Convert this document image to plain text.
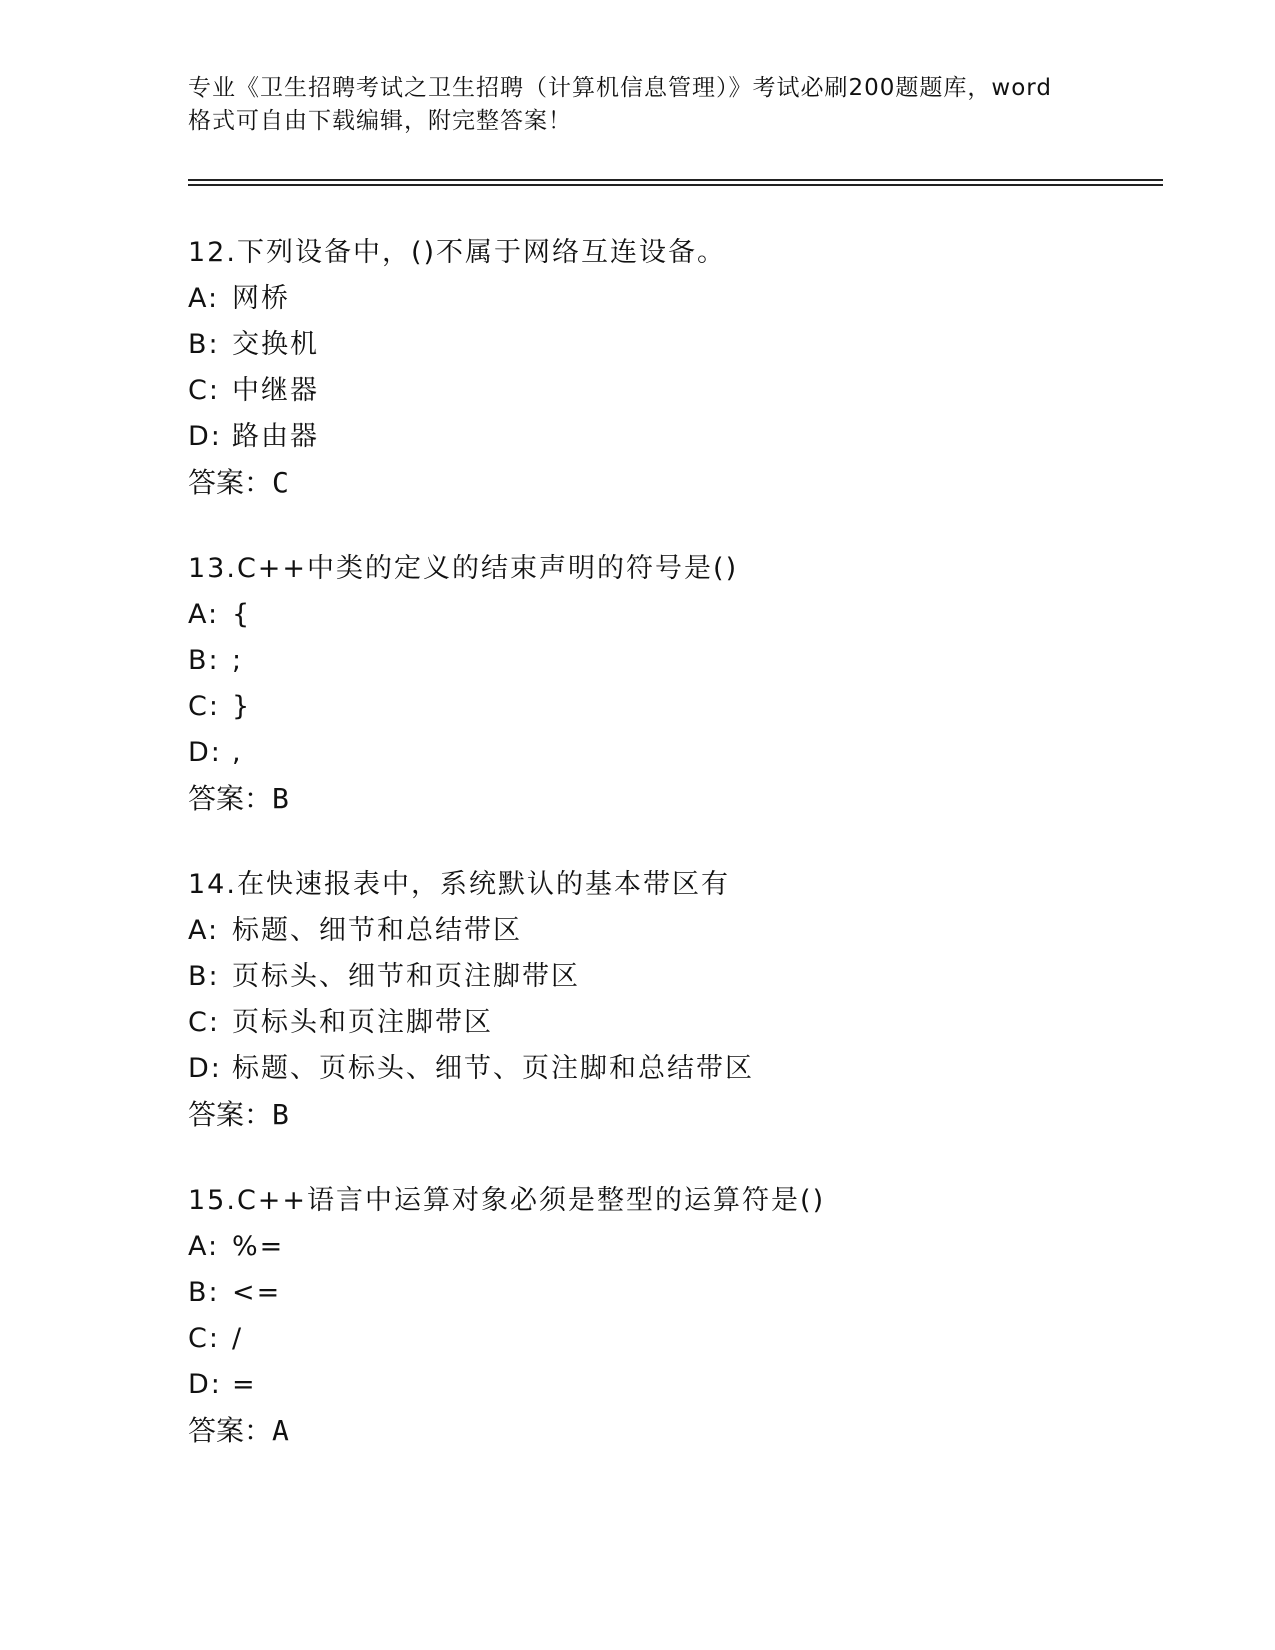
专业《卫生招聘考试之卫生招聘（计算机信息管理）》考试必刷200题题库，word
格式可自由下载编辑，附完整答案！
12.下列设备中，()不属于网络互连设备。
A: 网桥
B: 交换机
C: 中继器
D: 路由器
答案：C
13.C++中类的定义的结束声明的符号是()
A: {
B: ;
C: }
D: ,
答案：B
14.在快速报表中，系统默认的基本带区有
A: 标题、细节和总结带区
B: 页标头、细节和页注脚带区
C: 页标头和页注脚带区
D: 标题、页标头、细节、页注脚和总结带区
答案：B
15.C++语言中运算对象必须是整型的运算符是()
A: %=
B: <=
C: /
D: =
答案：A
